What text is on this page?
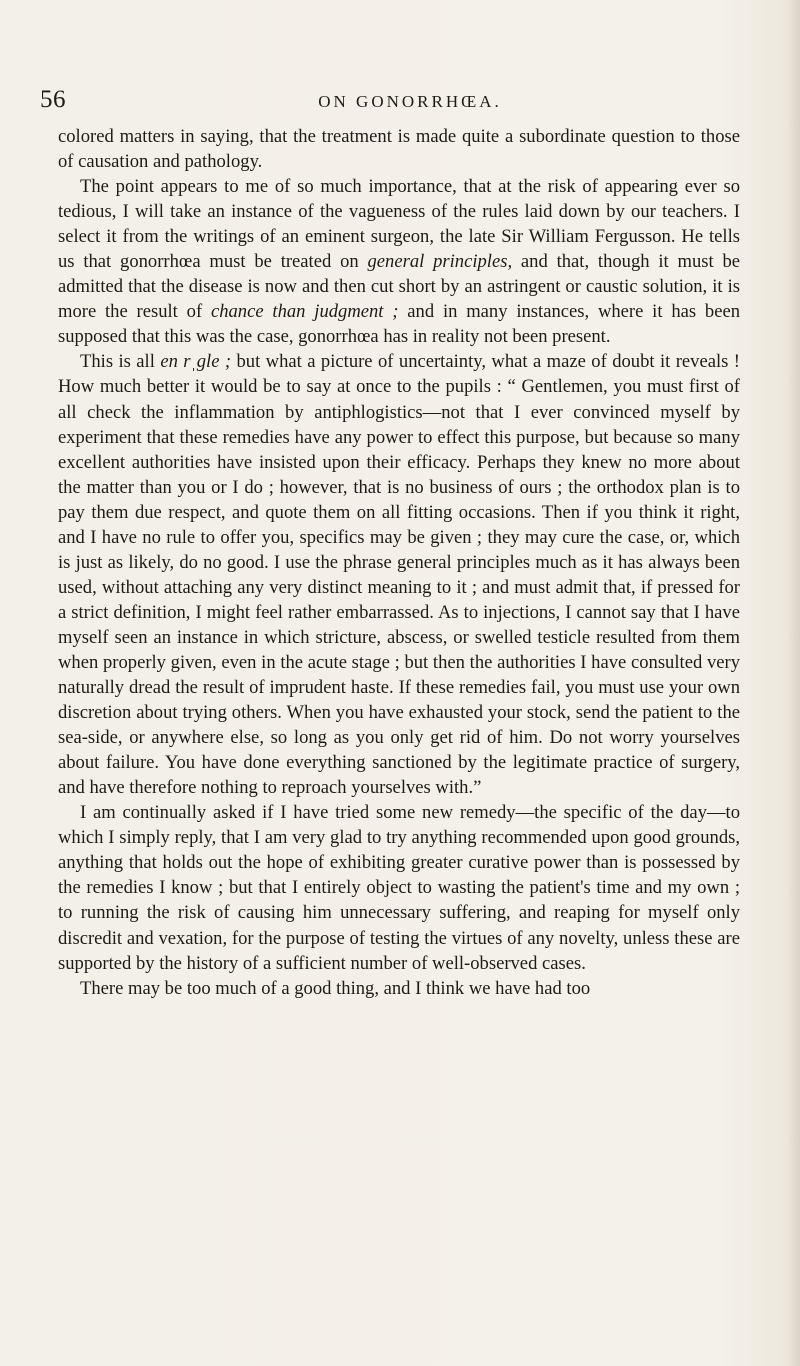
56	ON GONORRHŒA.

colored matters in saying, that the treatment is made quite a subordinate question to those of causation and pathology.

The point appears to me of so much importance, that at the risk of appearing ever so tedious, I will take an instance of the vagueness of the rules laid down by our teachers. I select it from the writings of an eminent surgeon, the late Sir William Fergusson. He tells us that gonorrhœa must be treated on general principles, and that, though it must be admitted that the disease is now and then cut short by an astringent or caustic solution, it is more the result of chance than judgment ; and in many instances, where it has been supposed that this was the case, gonorrhœa has in reality not been present.

This is all en rˌgle ; but what a picture of uncertainty, what a maze of doubt it reveals ! How much better it would be to say at once to the pupils : “ Gentlemen, you must first of all check the inflammation by antiphlogistics—not that I ever convinced myself by experiment that these remedies have any power to effect this purpose, but because so many excellent authorities have insisted upon their efficacy. Perhaps they knew no more about the matter than you or I do ; however, that is no business of ours ; the orthodox plan is to pay them due respect, and quote them on all fitting occasions. Then if you think it right, and I have no rule to offer you, specifics may be given ; they may cure the case, or, which is just as likely, do no good. I use the phrase general principles much as it has always been used, without attaching any very distinct meaning to it ; and must admit that, if pressed for a strict definition, I might feel rather embarrassed. As to injections, I cannot say that I have myself seen an instance in which stricture, abscess, or swelled testicle resulted from them when properly given, even in the acute stage ; but then the authorities I have consulted very naturally dread the result of imprudent haste. If these remedies fail, you must use your own discretion about trying others. When you have exhausted your stock, send the patient to the sea-side, or anywhere else, so long as you only get rid of him. Do not worry yourselves about failure. You have done everything sanctioned by the legitimate practice of surgery, and have therefore nothing to reproach yourselves with.”

I am continually asked if I have tried some new remedy—the specific of the day—to which I simply reply, that I am very glad to try anything recommended upon good grounds, anything that holds out the hope of exhibiting greater curative power than is possessed by the remedies I know ; but that I entirely object to wasting the patient's time and my own ; to running the risk of causing him unnecessary suffering, and reaping for myself only discredit and vexation, for the purpose of testing the virtues of any novelty, unless these are supported by the history of a sufficient number of well-observed cases.

There may be too much of a good thing, and I think we have had too
